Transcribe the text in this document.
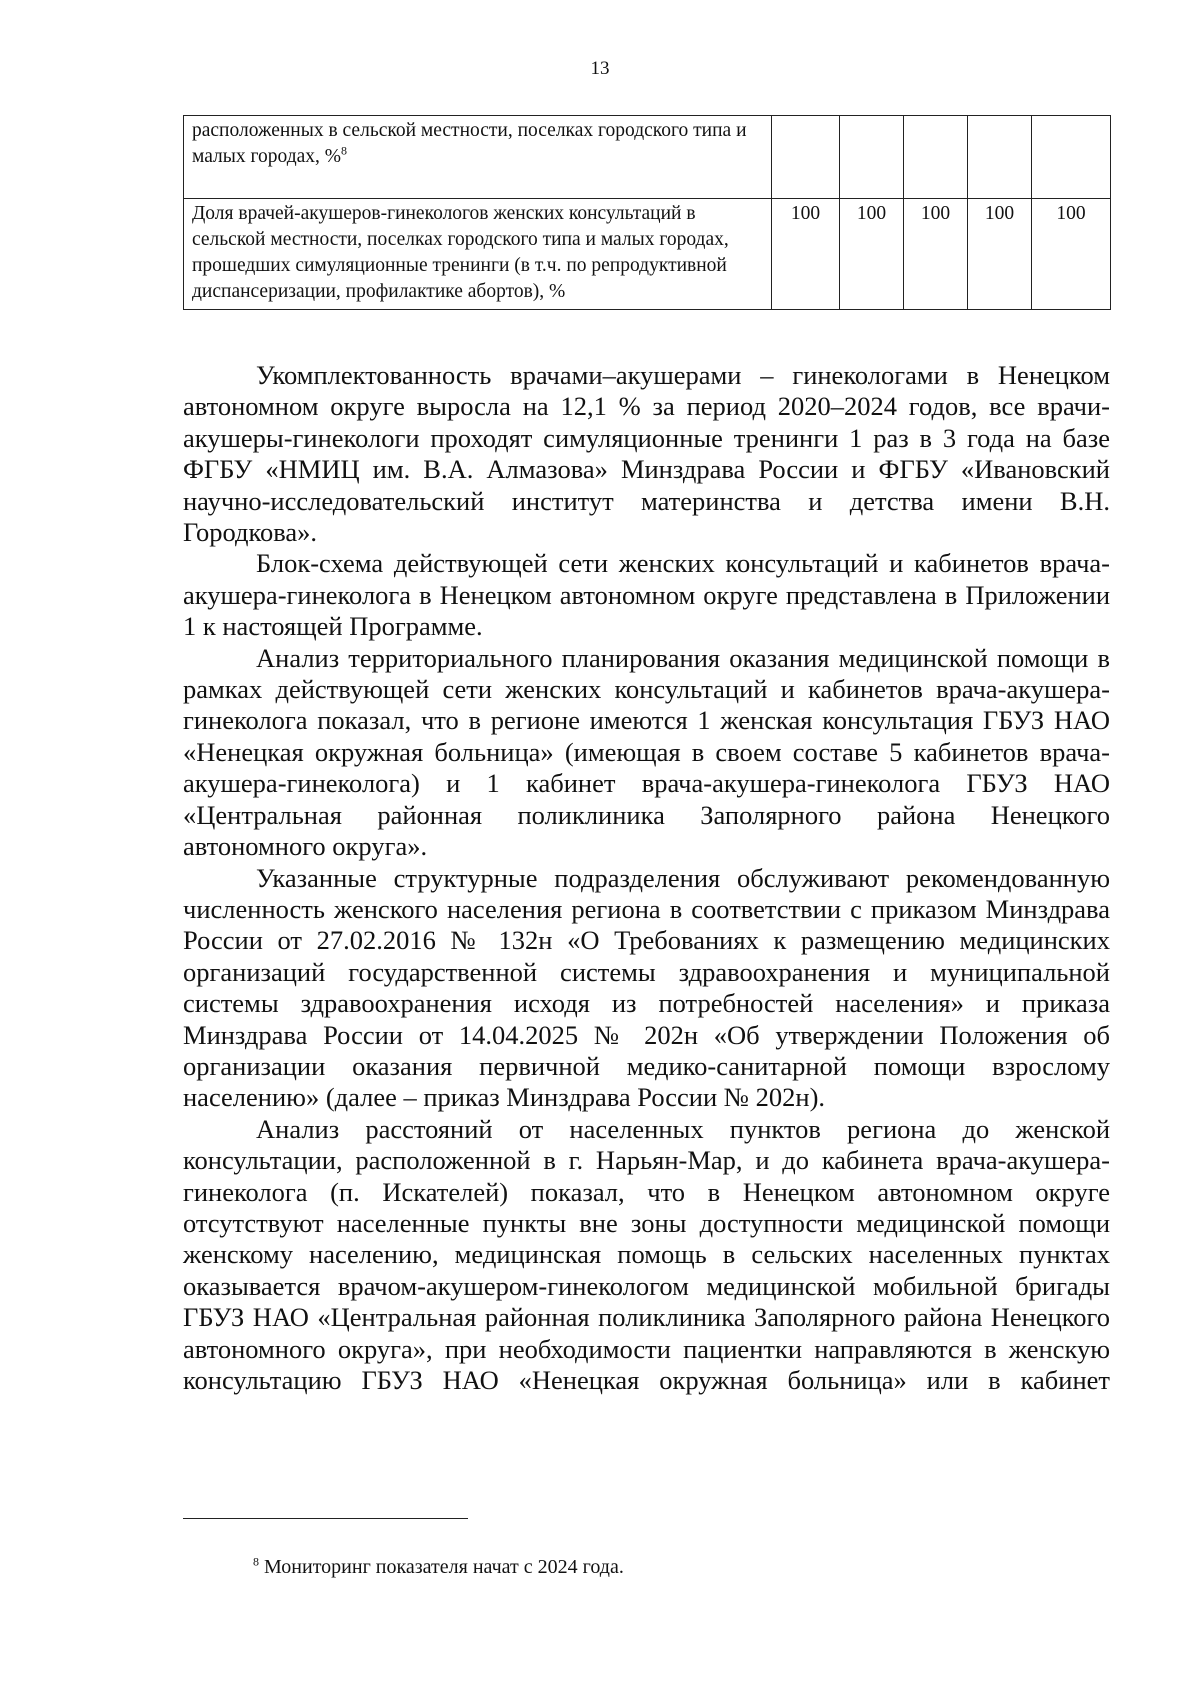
13
расположенных в сельской местности, поселках городского типа и малых городах, %$^8$					
Доля врачей-акушеров-гинекологов женских консультаций в сельской местности, поселках городского типа и малых городах, прошедших симуляционные тренинги (в т.ч. по репродуктивной диспансеризации, профилактике абортов), %	100	100	100	100	100

Укомплектованность врачами–акушерами – гинекологами в Ненецком автономном округе выросла на 12,1 % за период 2020–2024 годов, все врачи-акушеры-гинекологи проходят симуляционные тренинги 1 раз в 3 года на базе ФГБУ «НМИЦ им. В.А. Алмазова» Минздрава России и ФГБУ «Ивановский научно-исследовательский институт материнства и детства имени В.Н. Городкова».

Блок-схема действующей сети женских консультаций и кабинетов врача-акушера-гинеколога в Ненецком автономном округе представлена в Приложении 1 к настоящей Программе.

Анализ территориального планирования оказания медицинской помощи в рамках действующей сети женских консультаций и кабинетов врача-акушера-гинеколога показал, что в регионе имеются 1 женская консультация ГБУЗ НАО «Ненецкая окружная больница» (имеющая в своем составе 5 кабинетов врача-акушера-гинеколога) и 1 кабинет врача-акушера-гинеколога ГБУЗ НАО «Центральная районная поликлиника Заполярного района Ненецкого автономного округа».

Указанные структурные подразделения обслуживают рекомендованную численность женского населения региона в соответствии с приказом Минздрава России от 27.02.2016 № 132н «О Требованиях к размещению медицинских организаций государственной системы здравоохранения и муниципальной системы здравоохранения исходя из потребностей населения» и приказа Минздрава России от 14.04.2025 № 202н «Об утверждении Положения об организации оказания первичной медико-санитарной помощи взрослому населению» (далее – приказ Минздрава России № 202н).

Анализ расстояний от населенных пунктов региона до женской консультации, расположенной в г. Нарьян-Мар, и до кабинета врача-акушера-гинеколога (п. Искателей) показал, что в Ненецком автономном округе отсутствуют населенные пункты вне зоны доступности медицинской помощи женскому населению, медицинская помощь в сельских населенных пунктах оказывается врачом-акушером-гинекологом медицинской мобильной бригады ГБУЗ НАО «Центральная районная поликлиника Заполярного района Ненецкого автономного округа», при необходимости пациентки направляются в женскую консультацию ГБУЗ НАО «Ненецкая окружная больница» или в кабинет

$^8$ Мониторинг показателя начат с 2024 года.
